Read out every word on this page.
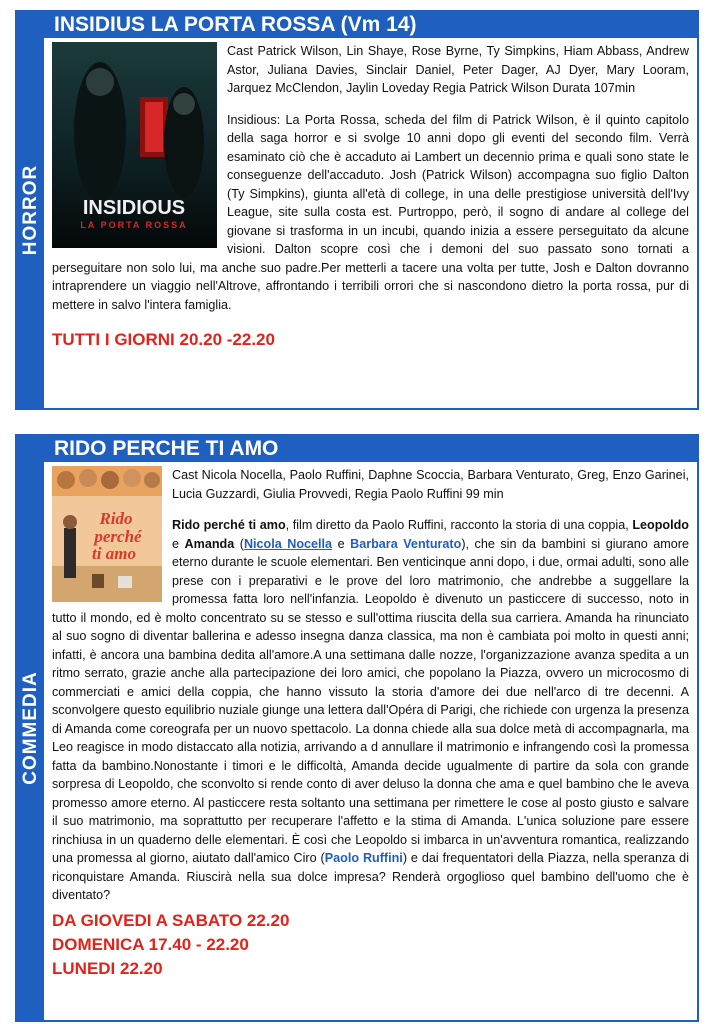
HORROR
INSIDIUS LA PORTA ROSSA (Vm 14)
INSIDIOUS
LA PORTA ROSSA

Cast Patrick Wilson, Lin Shaye, Rose Byrne, Ty Simpkins, Hiam Abbass, Andrew Astor, Juliana Davies, Sinclair Daniel, Peter Dager, AJ Dyer, Mary Looram, Jarquez McClendon, Jaylin Loveday Regia Patrick Wilson Durata 107min

Insidious: La Porta Rossa, scheda del film di Patrick Wilson, è il quinto capitolo della saga horror e si svolge 10 anni dopo gli eventi del secondo film. Verrà esaminato ciò che è accaduto ai Lambert un decennio prima e quali sono state le conseguenze dell'accaduto. Josh (Patrick Wilson) accompagna suo figlio Dalton (Ty Simpkins), giunta all'età di college, in una delle prestigiose università dell'Ivy League, site sulla costa est. Purtroppo, però, il sogno di andare al college del giovane si trasforma in un incubi, quando inizia a essere perseguitato da alcune visioni. Dalton scopre così che i demoni del suo passato sono tornati a perseguitare non solo lui, ma anche suo padre.Per metterli a tacere una volta per tutte, Josh e Dalton dovranno intraprendere un viaggio nell'Altrove, affrontando i terribili orrori che si nascondono dietro la porta rossa, pur di mettere in salvo l'intera famiglia.

TUTTI I GIORNI 20.20 -22.20
COMMEDIA
RIDO PERCHE TI AMO
Rido
perché
ti amo

Cast Nicola Nocella, Paolo Ruffini, Daphne Scoccia, Barbara Venturato, Greg, Enzo Garinei, Lucia Guzzardi, Giulia Provvedi, Regia Paolo Ruffini 99 min

Rido perché ti amo, film diretto da Paolo Ruffini, racconto la storia di una coppia, Leopoldo e Amanda (Nicola Nocella e Barbara Venturato), che sin da bambini si giurano amore eterno durante le scuole elementari. Ben venticinque anni dopo, i due, ormai adulti, sono alle prese con i preparativi e le prove del loro matrimonio, che andrebbe a suggellare la promessa fatta loro nell'infanzia. Leopoldo è divenuto un pasticcere di successo, noto in tutto il mondo, ed è molto concentrato su se stesso e sull'ottima riuscita della sua carriera. Amanda ha rinunciato al suo sogno di diventar ballerina e adesso insegna danza classica, ma non è cambiata poi molto in questi anni; infatti, è ancora una bambina dedita all'amore.A una settimana dalle nozze, l'organizzazione avanza spedita a un ritmo serrato, grazie anche alla partecipazione dei loro amici, che popolano la Piazza, ovvero un microcosmo di commerciati e amici della coppia, che hanno vissuto la storia d'amore dei due nell'arco di tre decenni. A sconvolgere questo equilibrio nuziale giunge una lettera dall'Opéra di Parigi, che richiede con urgenza la presenza di Amanda come coreografa per un nuovo spettacolo. La donna chiede alla sua dolce metà di accompagnarla, ma Leo reagisce in modo distaccato alla notizia, arrivando a d annullare il matrimonio e infrangendo così la promessa fatta da bambino.Nonostante i timori e le difficoltà, Amanda decide ugualmente di partire da sola con grande sorpresa di Leopoldo, che sconvolto si rende conto di aver deluso la donna che ama e quel bambino che le aveva promesso amore eterno. Al pasticcere resta soltanto una settimana per rimettere le cose al posto giusto e salvare il suo matrimonio, ma soprattutto per recuperare l'affetto e la stima di Amanda. L'unica soluzione pare essere rinchiusa in un quaderno delle elementari. È così che Leopoldo si imbarca in un'avventura romantica, realizzando una promessa al giorno, aiutato dall'amico Ciro (Paolo Ruffini) e dai frequentatori della Piazza, nella speranza di riconquistare Amanda. Riuscirà nella sua dolce impresa? Renderà orgoglioso quel bambino dell'uomo che è diventato?

DA GIOVEDI A SABATO 22.20
DOMENICA 17.40 - 22.20
LUNEDI 22.20
